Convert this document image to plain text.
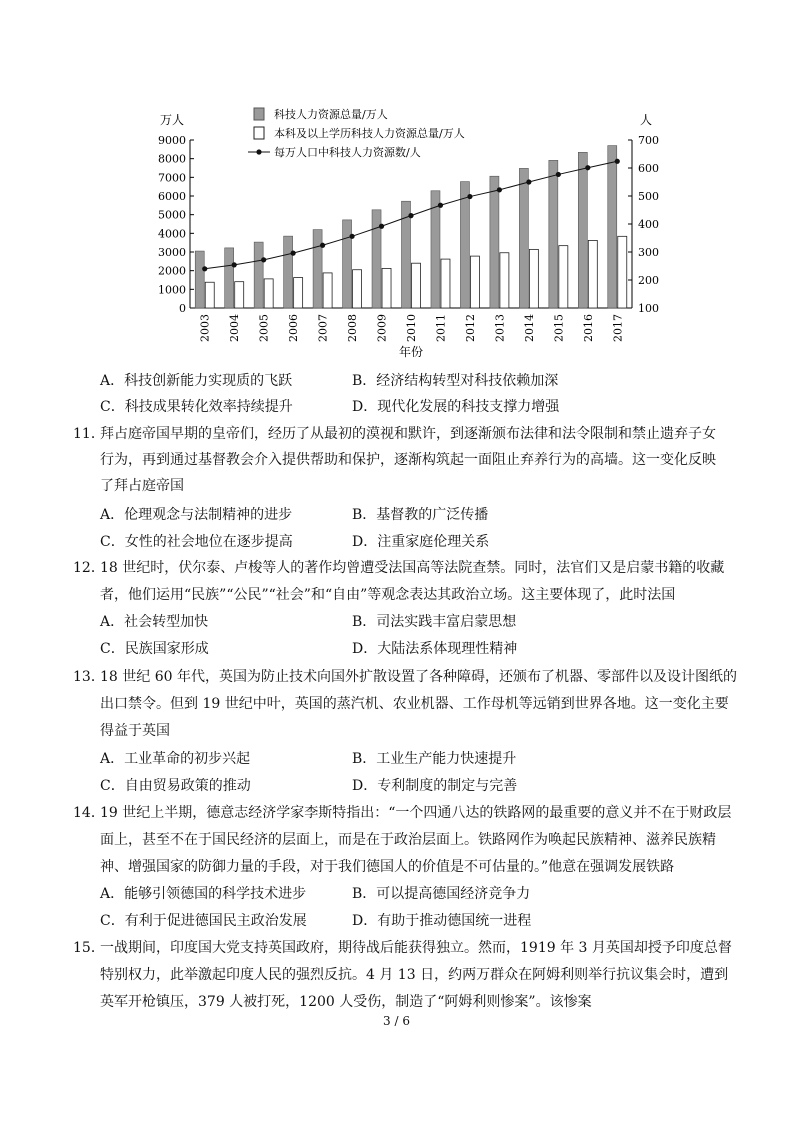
0
1000
2000
3000
4000
5000
6000
7000
8000
9000
100
200
300
400
500
600
700
万人	人
2003 2004 2005 2006 2007 2008 2009 2010 2011 2012 2013 2014 2015 2016 2017
年份
科技人力资源总量/万人
本科及以上学历科技人力资源总量/万人
每万人口中科技人力资源数/人
A．科技创新能力实现质的飞跃	B．经济结构转型对科技依赖加深
C．科技成果转化效率持续提升	D．现代化发展的科技支撑力增强
11．
拜占庭帝国早期的皇帝们，经历了从最初的漠视和默许，到逐渐颁布法律和法令限制和禁止遗弃子女
行为，再到通过基督教会介入提供帮助和保护，逐渐构筑起一面阻止弃养行为的高墙。这一变化反映
了拜占庭帝国
A．伦理观念与法制精神的进步	B．基督教的广泛传播
C．女性的社会地位在逐步提高	D．注重家庭伦理关系
12．
18 世纪时，伏尔泰、卢梭等人的著作均曾遭受法国高等法院查禁。同时，法官们又是启蒙书籍的收藏
者，他们运用“民族”“公民”“社会”和“自由”等观念表达其政治立场。这主要体现了，此时法国
A．社会转型加快	B．司法实践丰富启蒙思想
C．民族国家形成	D．大陆法系体现理性精神
13．
18 世纪 60 年代，英国为防止技术向国外扩散设置了各种障碍，还颁布了机器、零部件以及设计图纸的
出口禁令。但到 19 世纪中叶，英国的蒸汽机、农业机器、工作母机等远销到世界各地。这一变化主要
得益于英国
A．工业革命的初步兴起	B．工业生产能力快速提升
C．自由贸易政策的推动	D．专利制度的制定与完善
14．
19 世纪上半期，德意志经济学家李斯特指出：“一个四通八达的铁路网的最重要的意义并不在于财政层
面上，甚至不在于国民经济的层面上，而是在于政治层面上。铁路网作为唤起民族精神、滋养民族精
神、增强国家的防御力量的手段，对于我们德国人的价值是不可估量的。”他意在强调发展铁路
A．能够引领德国的科学技术进步	B．可以提高德国经济竞争力
C．有利于促进德国民主政治发展	D．有助于推动德国统一进程
15．
一战期间，印度国大党支持英国政府，期待战后能获得独立。然而，1919 年 3 月英国却授予印度总督
特别权力，此举激起印度人民的强烈反抗。4 月 13 日，约两万群众在阿姆利则举行抗议集会时，遭到
英军开枪镇压，379 人被打死，1200 人受伤，制造了“阿姆利则惨案”。该惨案
3 / 6
